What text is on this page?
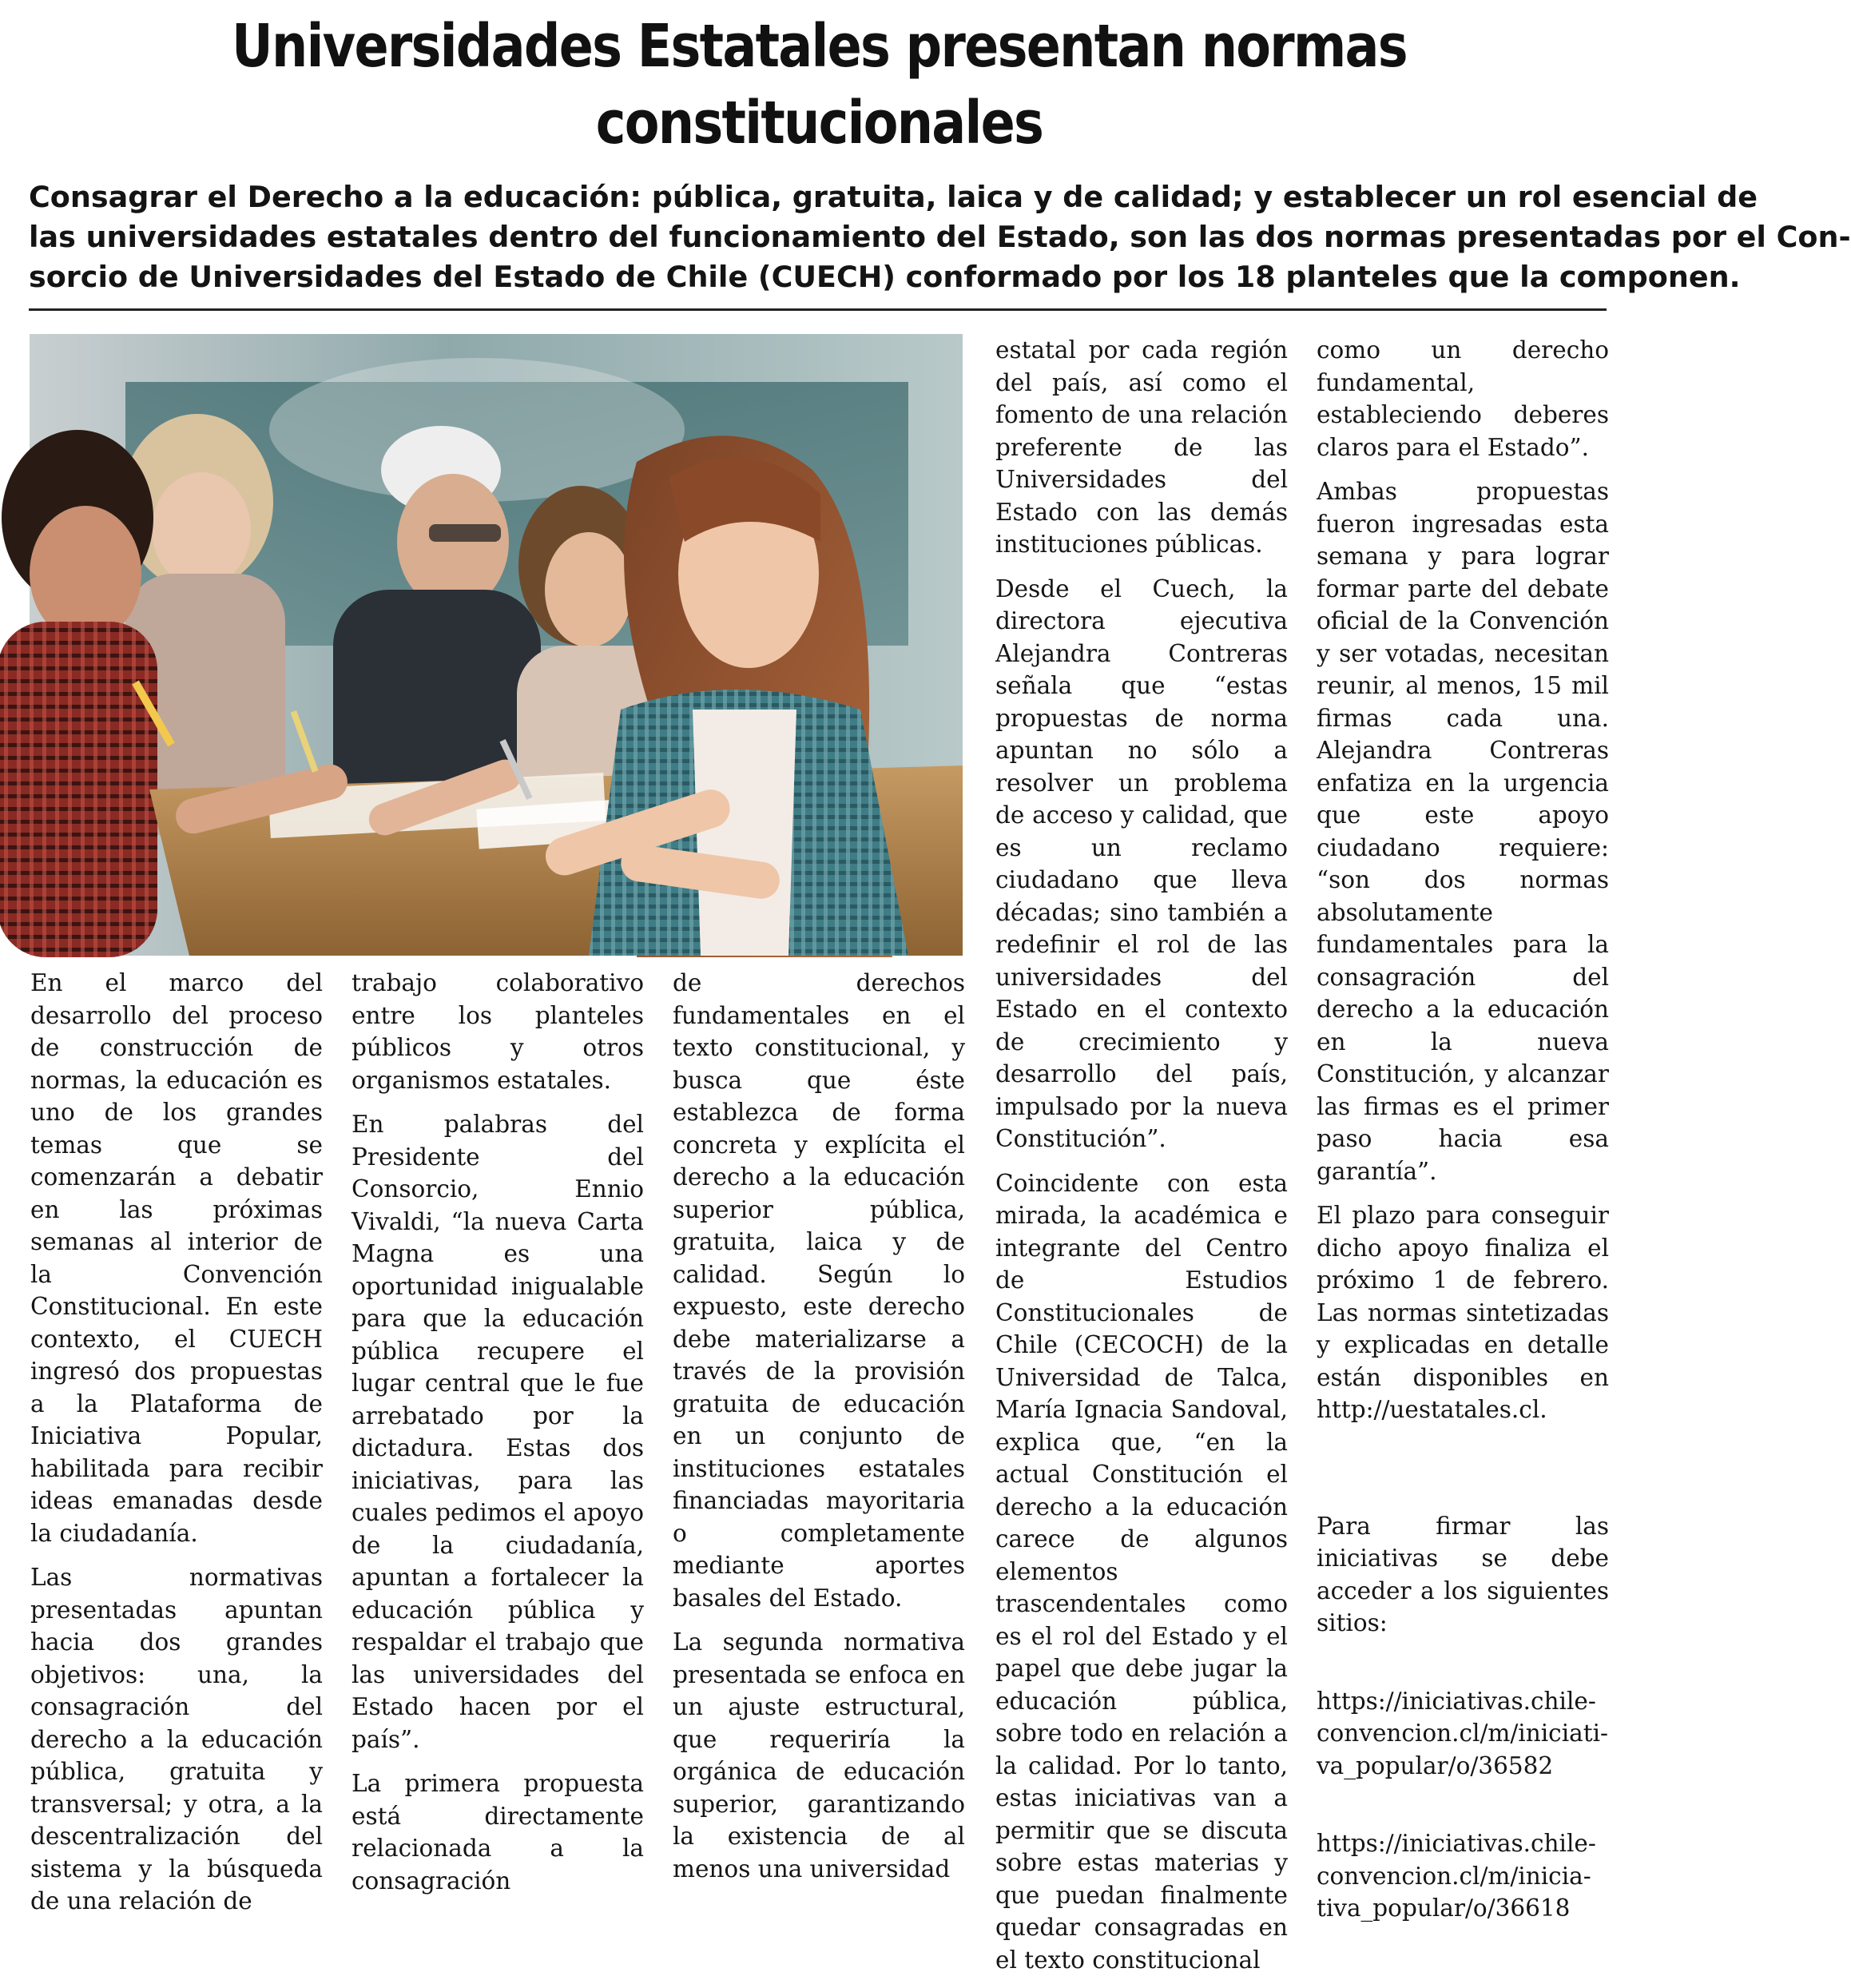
Universidades Estatales presentan normas
constitucionales
Consagrar el Derecho a la educación: pública, gratuita, laica y de calidad; y establecer un rol esencial de
las universidades estatales dentro del funcionamiento del Estado, son las dos normas presentadas por el Con-
sorcio de Universidades del Estado de Chile (CUECH) conformado por los 18 planteles que la componen.

En el marco del desarrollo del proceso de construcción de normas, la educación es uno de los grandes temas que se comenzarán a debatir en las próximas semanas al interior de la Convención Constitucional. En este contexto, el CUECH ingresó dos propuestas a la Plataforma de Iniciativa Popular, habilitada para recibir ideas emanadas desde la ciudadanía.

Las normativas presentadas apuntan hacia dos grandes objetivos: una, la consagración del derecho a la educación pública, gratuita y transversal; y otra, a la descentralización del sistema y la búsqueda de una relación de

trabajo colaborativo entre los planteles públicos y otros organismos estatales.

En palabras del Presidente del Consorcio, Ennio Vivaldi, “la nueva Carta Magna es una oportunidad inigualable para que la educación pública recupere el lugar central que le fue arrebatado por la dictadura. Estas dos iniciativas, para las cuales pedimos el apoyo de la ciudadanía, apuntan a fortalecer la educación pública y respaldar el trabajo que las universidades del Estado hacen por el país”.

La primera propuesta está directamente relacionada a la consagración

de derechos fundamentales en el texto constitucional, y busca que éste establezca de forma concreta y explícita el derecho a la educación superior pública, gratuita, laica y de calidad. Según lo expuesto, este derecho debe materializarse a través de la provisión gratuita de educación en un conjunto de instituciones estatales financiadas mayoritaria o completamente mediante aportes basales del Estado.

La segunda normativa presentada se enfoca en un ajuste estructural, que requeriría la orgánica de educación superior, garantizando la existencia de al menos una universidad

estatal por cada región del país, así como el fomento de una relación preferente de las Universidades del Estado con las demás instituciones públicas.

Desde el Cuech, la directora ejecutiva Alejandra Contreras señala que “estas propuestas de norma apuntan no sólo a resolver un problema de acceso y calidad, que es un reclamo ciudadano que lleva décadas; sino también a redefinir el rol de las universidades del Estado en el contexto de crecimiento y desarrollo del país, impulsado por la nueva Constitución”.

Coincidente con esta mirada, la académica e integrante del Centro de Estudios Constitucionales de Chile (CECOCH) de la Universidad de Talca, María Ignacia Sandoval, explica que, “en la actual Constitución el derecho a la educación carece de algunos elementos trascendentales como es el rol del Estado y el papel que debe jugar la educación pública, sobre todo en relación a la calidad. Por lo tanto, estas iniciativas van a permitir que se discuta sobre estas materias y que puedan finalmente quedar consagradas en el texto constitucional

como un derecho fundamental, estableciendo deberes claros para el Estado”.

Ambas propuestas fueron ingresadas esta semana y para lograr formar parte del debate oficial de la Convención y ser votadas, necesitan reunir, al menos, 15 mil firmas cada una. Alejandra Contreras enfatiza en la urgencia que este apoyo ciudadano requiere: “son dos normas absolutamente fundamentales para la consagración del derecho a la educación en la nueva Constitución, y alcanzar las firmas es el primer paso hacia esa garantía”.

El plazo para conseguir dicho apoyo finaliza el próximo 1 de febrero. Las normas sintetizadas y explicadas en detalle están disponibles en http://uestatales.cl.

Para firmar las iniciativas se debe acceder a los siguientes sitios:

https://iniciativas.chile-
convencion.cl/m/iniciati-
va_popular/o/36582

https://iniciativas.chile-
convencion.cl/m/inicia-
tiva_popular/o/36618
